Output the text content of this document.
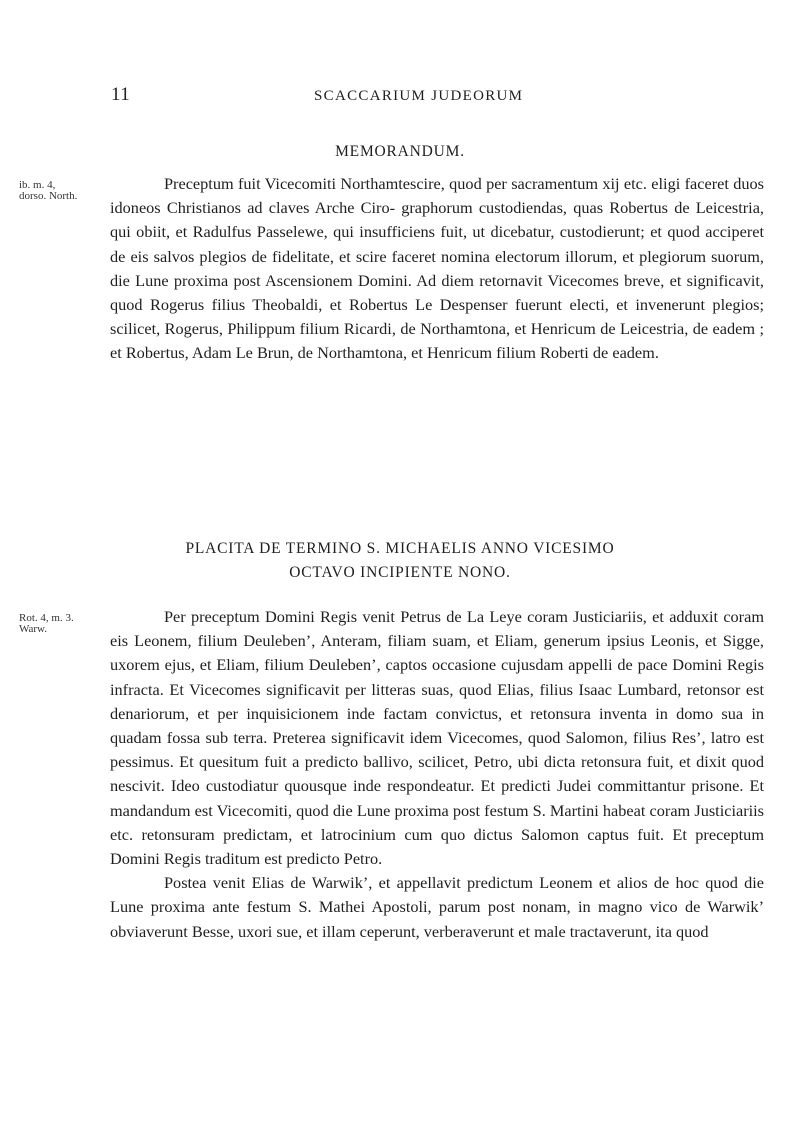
11	SCACCARIUM JUDEORUM
MEMORANDUM.
ib. m. 4,
dorso. North.

Preceptum fuit Vicecomiti Northamtescire, quod per sacramentum xij etc. eligi faceret duos idoneos Christianos ad claves Arche Ciro- graphorum custodiendas, quas Robertus de Leicestria, qui obiit, et Radulfus Passelewe, qui insufficiens fuit, ut dicebatur, custodierunt; et quod acciperet de eis salvos plegios de fidelitate, et scire faceret nomina electorum illorum, et plegiorum suorum, die Lune proxima post Ascensionem Domini. Ad diem retornavit Vicecomes breve, et significavit, quod Rogerus filius Theobaldi, et Robertus Le Despenser fuerunt electi, et invenerunt plegios; scilicet, Rogerus, Philippum filium Ricardi, de Northamtona, et Henricum de Leicestria, de eadem ; et Robertus, Adam Le Brun, de Northamtona, et Henricum filium Roberti de eadem.

PLACITA DE TERMINO S. MICHAELIS ANNO VICESIMO
OCTAVO INCIPIENTE NONO.
Rot. 4, m. 3.
Warw.

Per preceptum Domini Regis venit Petrus de La Leye coram Justiciariis, et adduxit coram eis Leonem, filium Deuleben’, Anteram, filiam suam, et Eliam, generum ipsius Leonis, et Sigge, uxorem ejus, et Eliam, filium Deuleben’, captos occasione cujusdam appelli de pace Domini Regis infracta. Et Vicecomes significavit per litteras suas, quod Elias, filius Isaac Lumbard, retonsor est denariorum, et per inquisicionem inde factam convictus, et retonsura inventa in domo sua in quadam fossa sub terra. Preterea significavit idem Vicecomes, quod Salomon, filius Res’, latro est pessimus. Et quesitum fuit a predicto ballivo, scilicet, Petro, ubi dicta retonsura fuit, et dixit quod nescivit. Ideo custodiatur quousque inde respondeatur. Et predicti Judei committantur prisone. Et mandandum est Vicecomiti, quod die Lune proxima post festum S. Martini habeat coram Justiciariis etc. retonsuram predictam, et latrocinium cum quo dictus Salomon captus fuit. Et preceptum Domini Regis traditum est predicto Petro.

Postea venit Elias de Warwik’, et appellavit predictum Leonem et alios de hoc quod die Lune proxima ante festum S. Mathei Apostoli, parum post nonam, in magno vico de Warwik’ obviaverunt Besse, uxori sue, et illam ceperunt, verberaverunt et male tractaverunt, ita quod
